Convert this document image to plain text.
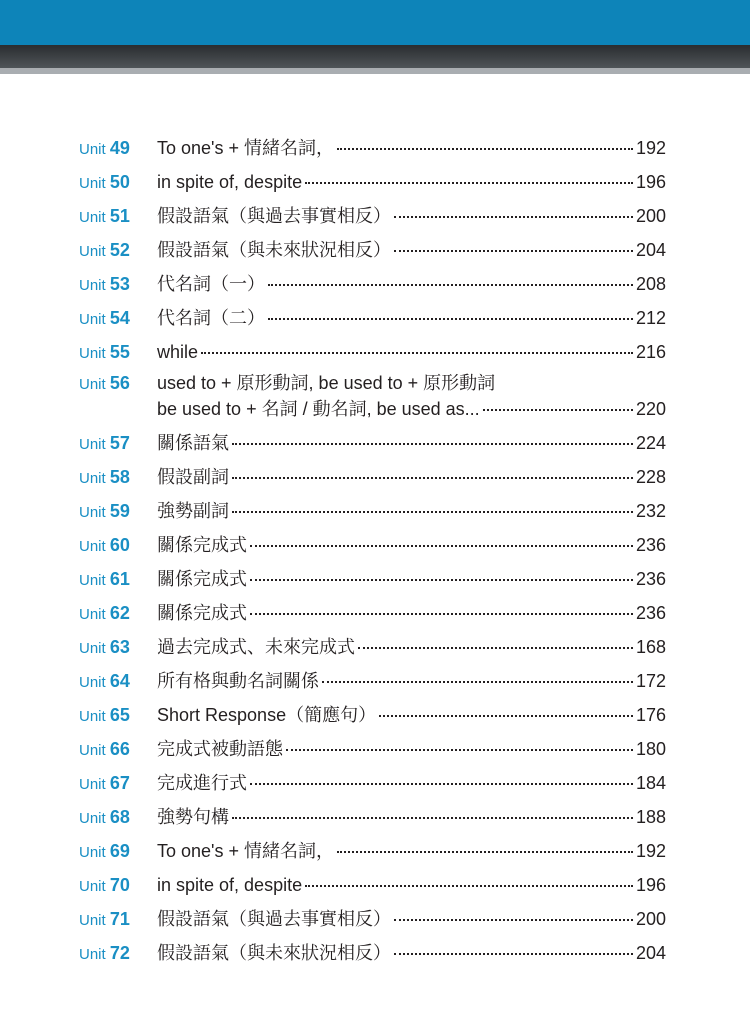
Unit 49	To one's + 情緒名詞，	192
Unit 50	in spite of, despite	196
Unit 51	假設語氣（與過去事實相反）	200
Unit 52	假設語氣（與未來狀況相反）	204
Unit 53	代名詞（一）	208
Unit 54	代名詞（二）	212
Unit 55	while	216
Unit 56	used to + 原形動詞, be used to + 原形動詞
be used to + 名詞 / 動名詞, be used as...	220
Unit 57	關係語氣	224
Unit 58	假設副詞	228
Unit 59	強勢副詞	232
Unit 60	關係完成式	236
Unit 61	關係完成式	236
Unit 62	關係完成式	236
Unit 63	過去完成式、未來完成式	168
Unit 64	所有格與動名詞關係	172
Unit 65	Short Response（簡應句）	176
Unit 66	完成式被動語態	180
Unit 67	完成進行式	184
Unit 68	強勢句構	188
Unit 69	To one's + 情緒名詞，	192
Unit 70	in spite of, despite	196
Unit 71	假設語氣（與過去事實相反）	200
Unit 72	假設語氣（與未來狀況相反）	204
